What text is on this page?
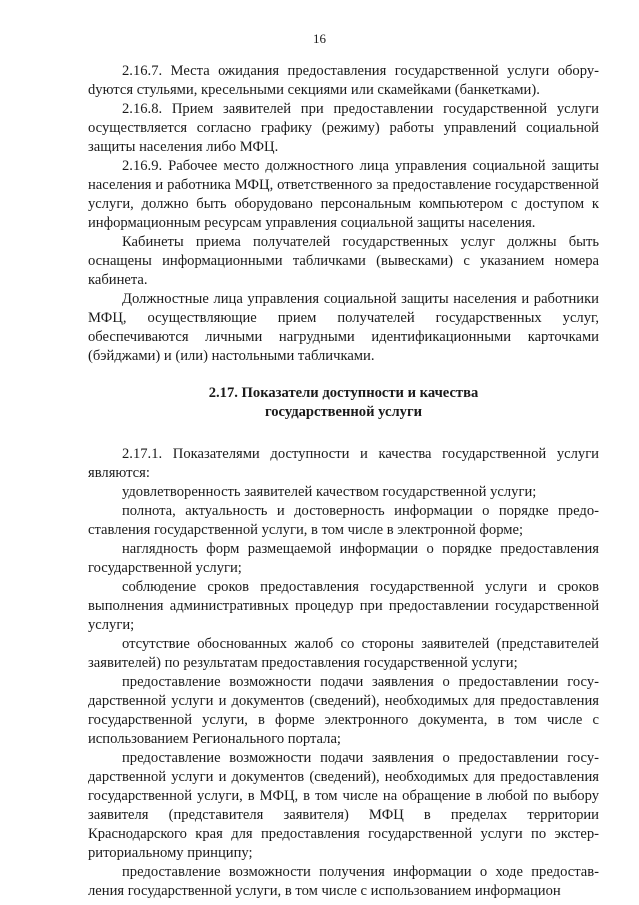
16

2.16.7. Места ожидания предоставления государственной услуги оборуdуются стульями, кресельными секциями или скамейками (банкетками).

2.16.8. Прием заявителей при предоставлении государственной услуги осуществляется согласно графику (режиму) работы управлений социальной защиты населения либо МФЦ.

2.16.9. Рабочее место должностного лица управления социальной защиты населения и работника МФЦ, ответственного за предоставление государственной услуги, должно быть оборудовано персональным компьютером с доступом к информационным ресурсам управления социальной защиты населения.

Кабинеты приема получателей государственных услуг должны быть оснащены информационными табличками (вывесками) с указанием номера кабинета.

Должностные лица управления социальной защиты населения и работники МФЦ, осуществляющие прием получателей государственных услуг, обеспечиваются личными нагрудными идентификационными карточками (бэйджами) и (или) настольными табличками.

2.17. Показатели доступности и качества
государственной услуги

2.17.1. Показателями доступности и качества государственной услуги являются:

удовлетворенность заявителей качеством государственной услуги;

полнота, актуальность и достоверность информации о порядке предоставления государственной услуги, в том числе в электронной форме;

наглядность форм размещаемой информации о порядке предоставления государственной услуги;

соблюдение сроков предоставления государственной услуги и сроков выполнения административных процедур при предоставлении государственной услуги;

отсутствие обоснованных жалоб со стороны заявителей (представителей заявителей) по результатам предоставления государственной услуги;

предоставление возможности подачи заявления о предоставлении государственной услуги и документов (сведений), необходимых для предоставления государственной услуги, в форме электронного документа, в том числе с использованием Регионального портала;

предоставление возможности подачи заявления о предоставлении государственной услуги и документов (сведений), необходимых для предоставления государственной услуги, в МФЦ, в том числе на обращение в любой по выбору заявителя (представителя заявителя) МФЦ в пределах территории Краснодарского края для предоставления государственной услуги по экстерриториальному принципу;

предоставление возможности получения информации о ходе предоставления государственной услуги, в том числе с использованием информацион
